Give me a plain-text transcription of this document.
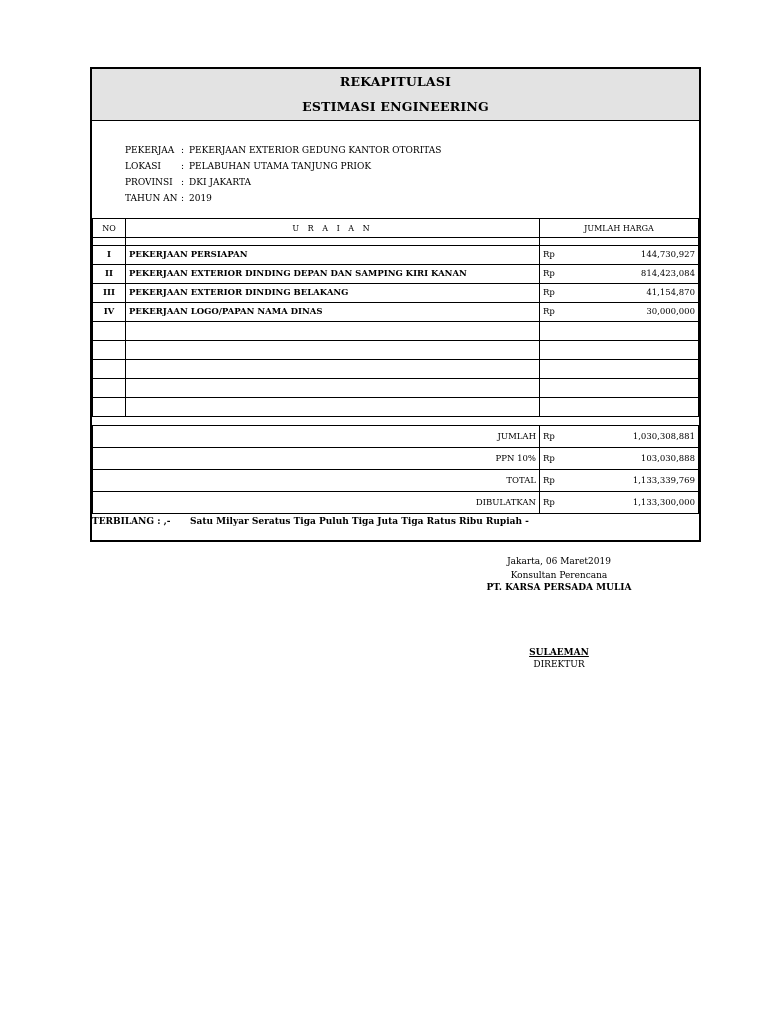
REKAPITULASI
ESTIMASI ENGINEERING
PEKERJAA : PEKERJAAN EXTERIOR GEDUNG KANTOR OTORITAS
LOKASI : PELABUHAN UTAMA TANJUNG PRIOK
PROVINSI : DKI JAKARTA
TAHUN AN : 2019
NO	U R A I A N	JUMLAH HARGA	

I	PEKERJAAN PERSIAPAN	Rp	144,730,927
II	PEKERJAAN EXTERIOR DINDING DEPAN DAN SAMPING KIRI KANAN	Rp	814,423,084
III	PEKERJAAN EXTERIOR DINDING BELAKANG	Rp	41,154,870
IV	PEKERJAAN LOGO/PAPAN NAMA DINAS	Rp	30,000,000

JUMLAH	Rp	1,030,308,881
PPN 10%	Rp	103,030,888
TOTAL	Rp	1,133,339,769
DIBULATKAN	Rp	1,133,300,000
TERBILANG : ,- Satu Milyar Seratus Tiga Puluh Tiga Juta Tiga Ratus Ribu Rupiah -
Jakarta, 06 Maret2019
Konsultan Perencana
PT. KARSA PERSADA MULIA
SULAEMAN
DIREKTUR
